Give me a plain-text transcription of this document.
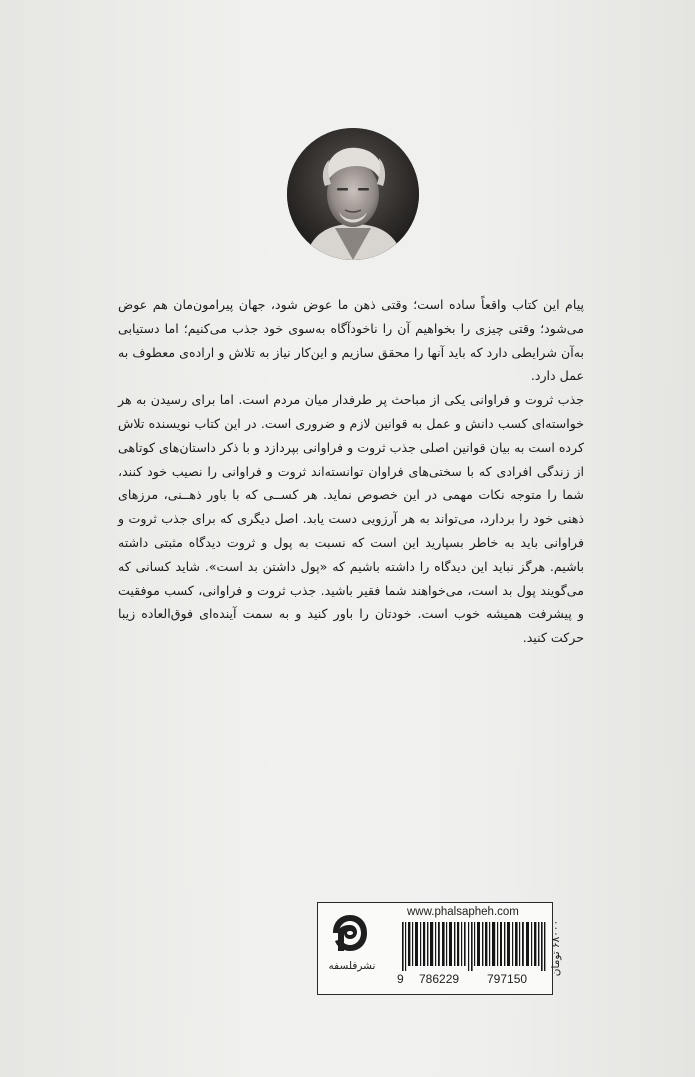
پیام این کتاب واقعاً ساده است؛ وقتی ذهن ما عوض شود، جهان پیرامون‌مان هم عوض می‌شود؛ وقتی چیزی را بخواهیم آن را ناخودآگاه به‌سوی خود جذب می‌کنیم؛ اما دستیابی به‌آن شرایطی دارد که باید آنها را محقق سازیم و این‌کار نیاز به تلاش و اراده‌ی معطوف به عمل دارد.

جذب ثروت و فراوانی یکی از مباحث پر طرفدار میان مردم است. اما برای رسیدن به هر خواسته‌ای کسب دانش و عمل به قوانین لازم و ضروری است. در این کتاب نویسنده تلاش کرده است به بیان قوانین اصلی جذب ثروت و فراوانی بپردازد و با ذکر داستان‌های کوتاهی از زندگی افرادی که با سختی‌های فراوان توانسته‌اند ثروت و فراوانی را نصیب خود کنند، شما را متوجه نکات مهمی در این خصوص نماید. هر کســی که با باور ذهــنی، مرزهای ذهنی خود را بردارد، می‌تواند به هر آرزویی دست یابد. اصل دیگری که برای جذب ثروت و فراوانی باید به خاطر بسپارید این است که نسبت به پول و ثروت دیدگاه مثبتی داشته باشیم. هرگز نباید این دیدگاه را داشته باشیم که «پول داشتن بد است». شاید کسانی که می‌گویند پول بد است، می‌خواهند شما فقیر باشید. جذب ثروت و فراوانی، کسب موفقیت و پیشرفت همیشه خوب است. خودتان را باور کنید و به سمت آینده‌ای فوق‌العاده زیبا حرکت کنید.

نشرفلسفه
www.phalsapheh.com
9 786229 797150
۶۸۰۰۰ تومان
